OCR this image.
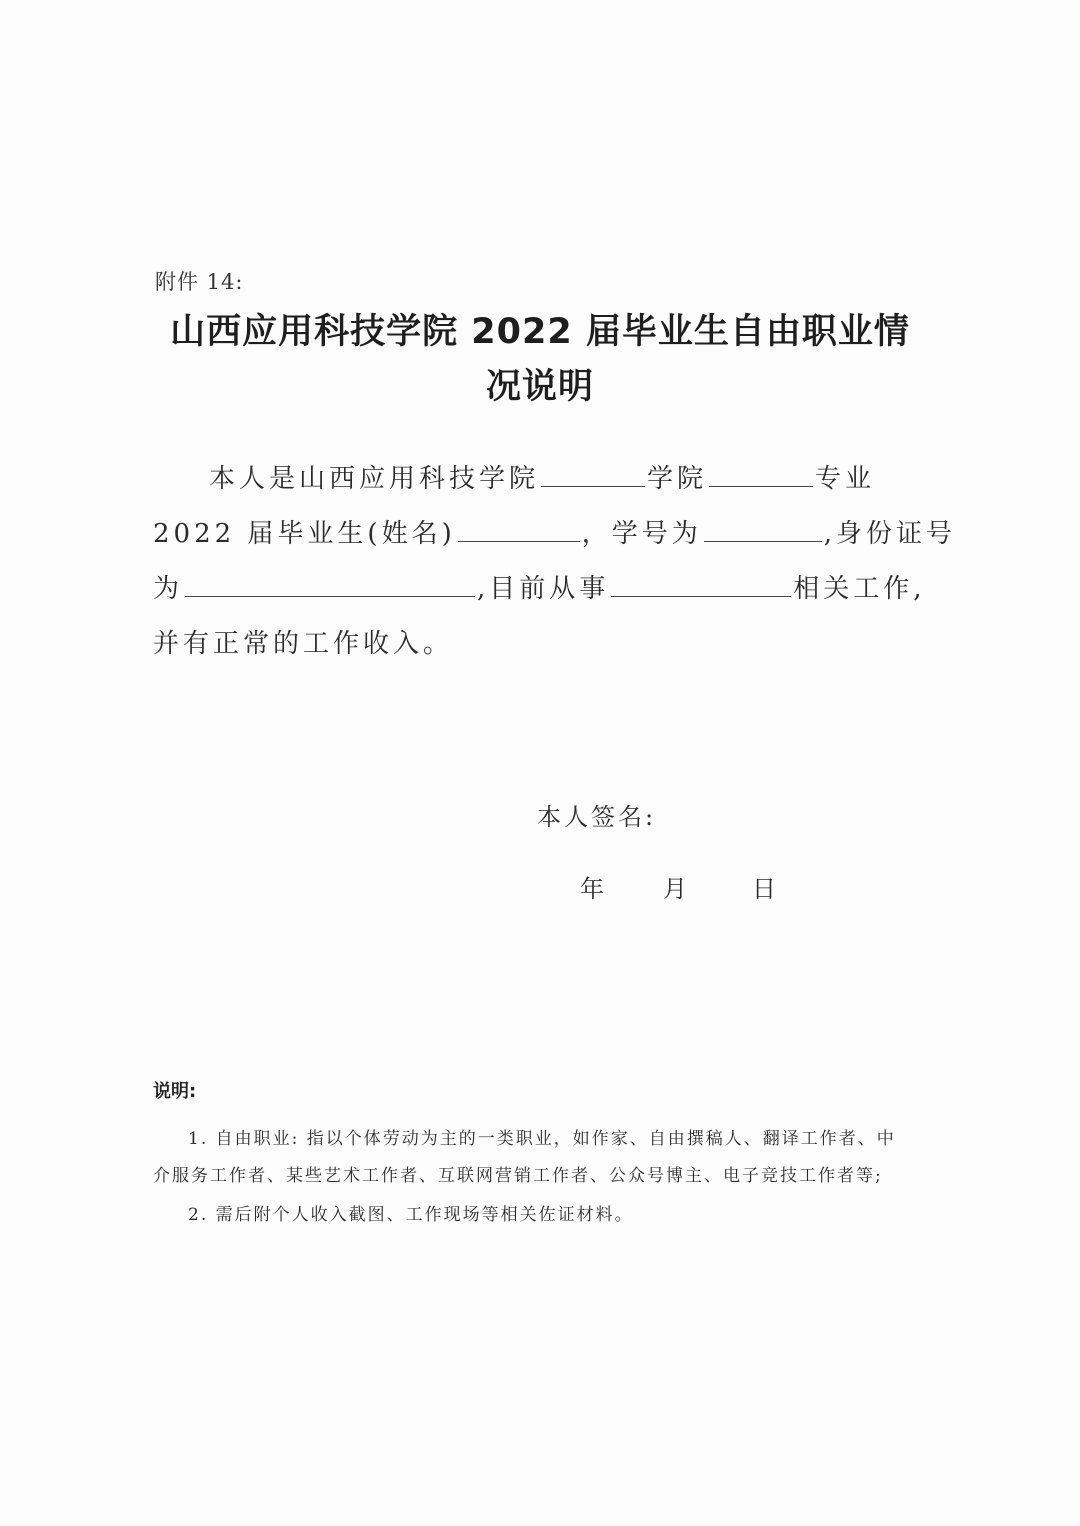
附件 14:
山西应用科技学院 2022 届毕业生自由职业情
况说明
本人是山西应用科技学院	学院	专业
2022 届毕业生(姓名)	，学号为	,身份证号
为	,目前从事	相关工作,
并有正常的工作收入。
本人签名:
年 月	日
说明:
1. 自由职业: 指以个体劳动为主的一类职业，如作家、自由撰稿人、翻译工作者、中
介服务工作者、某些艺术工作者、互联网营销工作者、公众号博主、电子竞技工作者等;
2. 需后附个人收入截图、工作现场等相关佐证材料。
